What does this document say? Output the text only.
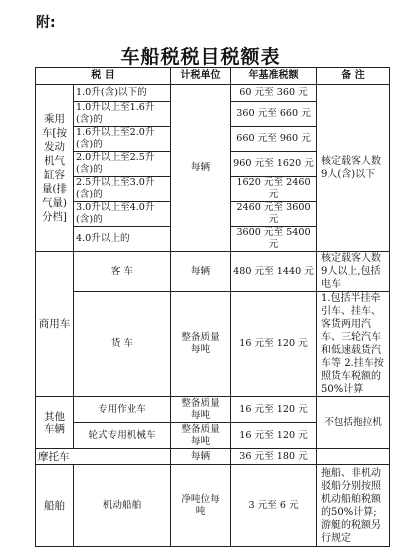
附:
车船税税目税额表
税 目		计税单位	年基准税额	备 注
乘用车[按发动机气缸容量(排气量)分档]	1.0升(含)以下的	每辆	60 元至 360 元	核定载客人数9人(含)以下
	1.0升以上至1.6升(含)的		360 元至 660 元	
	1.6升以上至2.0升(含)的		660 元至 960 元	
	2.0升以上至2.5升(含)的		960 元至 1620 元	
	2.5升以上至3.0升(含)的		1620 元至 2460 元	
	3.0升以上至4.0升(含)的		2460 元至 3600 元	
	4.0升以上的		3600 元至 5400 元	
商用车	客 车	每辆	480 元至 1440 元	核定载客人数9人以上,包括电车
	货 车	整备质量每吨	16 元至 120 元	1.包括半挂牵引车、挂车、客货两用汽车、三轮汽车和低速载货汽车等 2.挂车按照货车税额的50%计算
其他车辆	专用作业车	整备质量每吨	16 元至 120 元	不包括拖拉机
	轮式专用机械车	整备质量每吨	16 元至 120 元	
摩托车		每辆	36 元至 180 元	
船舶	机动船舶	净吨位每吨	3 元至 6 元	拖船、非机动驳船分别按照机动船舶税额的50%计算;游艇的税额另行规定
